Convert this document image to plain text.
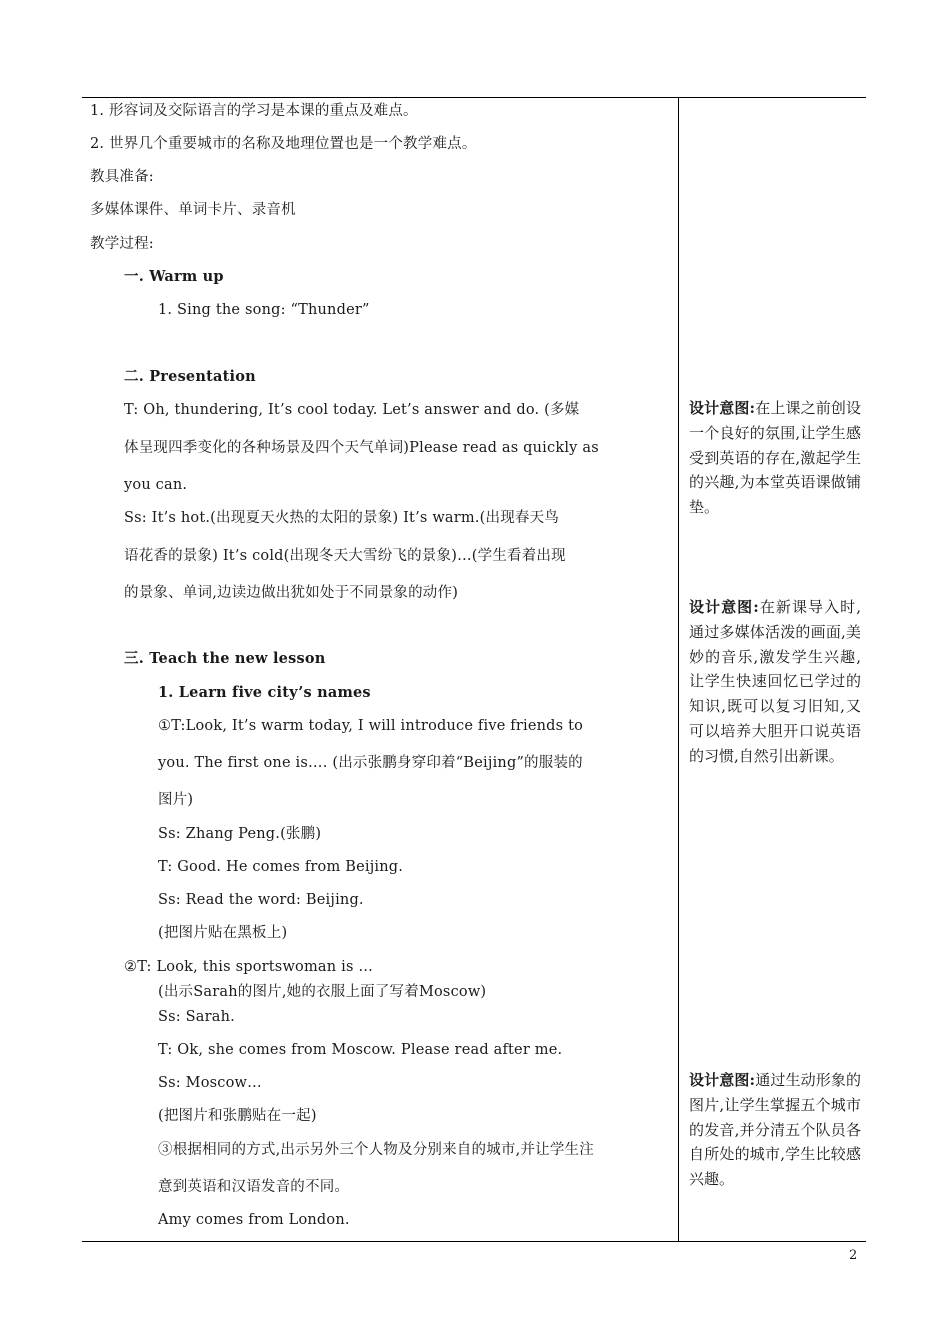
1. 形容词及交际语言的学习是本课的重点及难点。
2. 世界几个重要城市的名称及地理位置也是一个教学难点。
教具准备:
多媒体课件、单词卡片、录音机
教学过程:
一. Warm up
1. Sing the song: “Thunder”
二. Presentation
T: Oh, thundering, It’s cool today. Let’s answer and do. (多媒
体呈现四季变化的各种场景及四个天气单词)Please read as quickly as
you can.
Ss: It’s hot.(出现夏天火热的太阳的景象) It’s warm.(出现春天鸟
语花香的景象) It’s cold(出现冬天大雪纷飞的景象)…(学生看着出现
的景象、单词,边读边做出犹如处于不同景象的动作)
三. Teach the new lesson
1. Learn five city’s names
①T:Look, It’s warm today, I will introduce five friends to
you. The first one is…. (出示张鹏身穿印着“Beijing”的服装的
图片)
Ss: Zhang Peng.(张鹏)
T: Good. He comes from Beijing.
Ss: Read the word: Beijing.
(把图片贴在黑板上)
②T: Look, this sportswoman is …
(出示Sarah的图片,她的衣服上面了写着Moscow)
Ss: Sarah.
T: Ok, she comes from Moscow. Please read after me.
Ss: Moscow…
(把图片和张鹏贴在一起)
③根据相同的方式,出示另外三个人物及分别来自的城市,并让学生注
意到英语和汉语发音的不同。
Amy comes from London.
设计意图:在上课之前创设一个良好的氛围,让学生感受到英语的存在,激起学生的兴趣,为本堂英语课做铺垫。
设计意图:在新课导入时,通过多媒体活泼的画面,美妙的音乐,激发学生兴趣,让学生快速回忆已学过的知识,既可以复习旧知,又可以培养大胆开口说英语的习惯,自然引出新课。
设计意图:通过生动形象的图片,让学生掌握五个城市的发音,并分清五个队员各自所处的城市,学生比较感兴趣。
2
